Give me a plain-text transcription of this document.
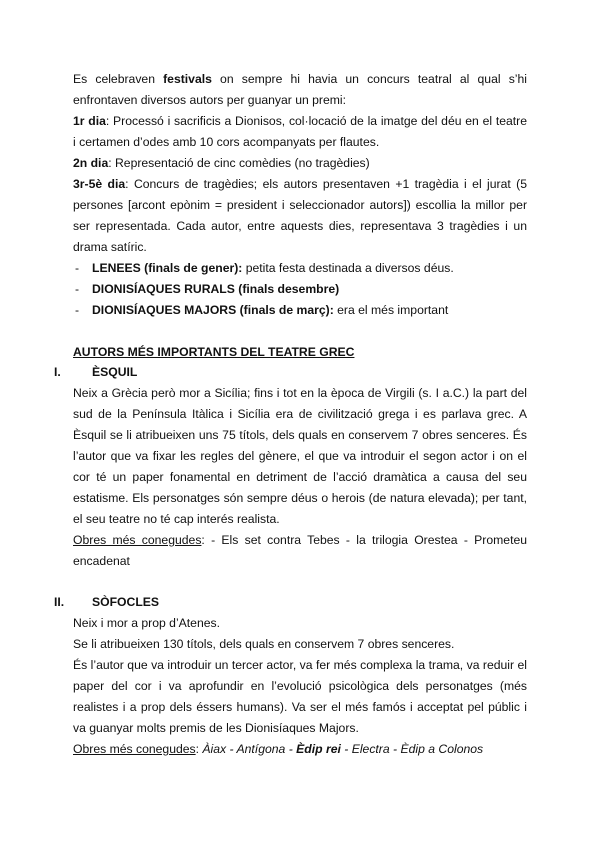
Es celebraven festivals on sempre hi havia un concurs teatral al qual s’hi enfrontaven diversos autors per guanyar un premi:

1r dia: Processó i sacrificis a Dionisos, col·locació de la imatge del déu en el teatre i certamen d’odes amb 10 cors acompanyats per flautes.

2n dia: Representació de cinc comèdies (no tragèdies)

3r-5è dia: Concurs de tragèdies; els autors presentaven +1 tragèdia i el jurat (5 persones [arcont epònim = president i seleccionador autors]) escollia la millor per ser representada. Cada autor, entre aquests dies, representava 3 tragèdies i un drama satíric.

- LENEES (finals de gener): petita festa destinada a diversos déus.
- DIONISÍAQUES RURALS (finals desembre)
- DIONISÍAQUES MAJORS (finals de març): era el més important
AUTORS MÉS IMPORTANTS DEL TEATRE GREC
I.	ÈSQUIL

Neix a Grècia però mor a Sicília; fins i tot en la època de Virgili (s. I a.C.) la part del sud de la Península Itàlica i Sicília era de civilització grega i es parlava grec. A Èsquil se li atribueixen uns 75 títols, dels quals en conservem 7 obres senceres. És l’autor que va fixar les regles del gènere, el que va introduir el segon actor i on el cor té un paper fonamental en detriment de l’acció dramàtica a causa del seu estatisme. Els personatges són sempre déus o herois (de natura elevada); per tant, el seu teatre no té cap interés realista.

Obres més conegudes: - Els set contra Tebes - la trilogia Orestea - Prometeu encadenat

II. SÒFOCLES

Neix i mor a prop d’Atenes.

Se li atribueixen 130 títols, dels quals en conservem 7 obres senceres.

És l’autor que va introduir un tercer actor, va fer més complexa la trama, va reduir el paper del cor i va aprofundir en l’evolució psicològica dels personatges (més realistes i a prop dels éssers humans). Va ser el més famós i acceptat pel públic i va guanyar molts premis de les Dionisíaques Majors.

Obres més conegudes: Àiax - Antígona - Èdip rei - Electra - Èdip a Colonos
